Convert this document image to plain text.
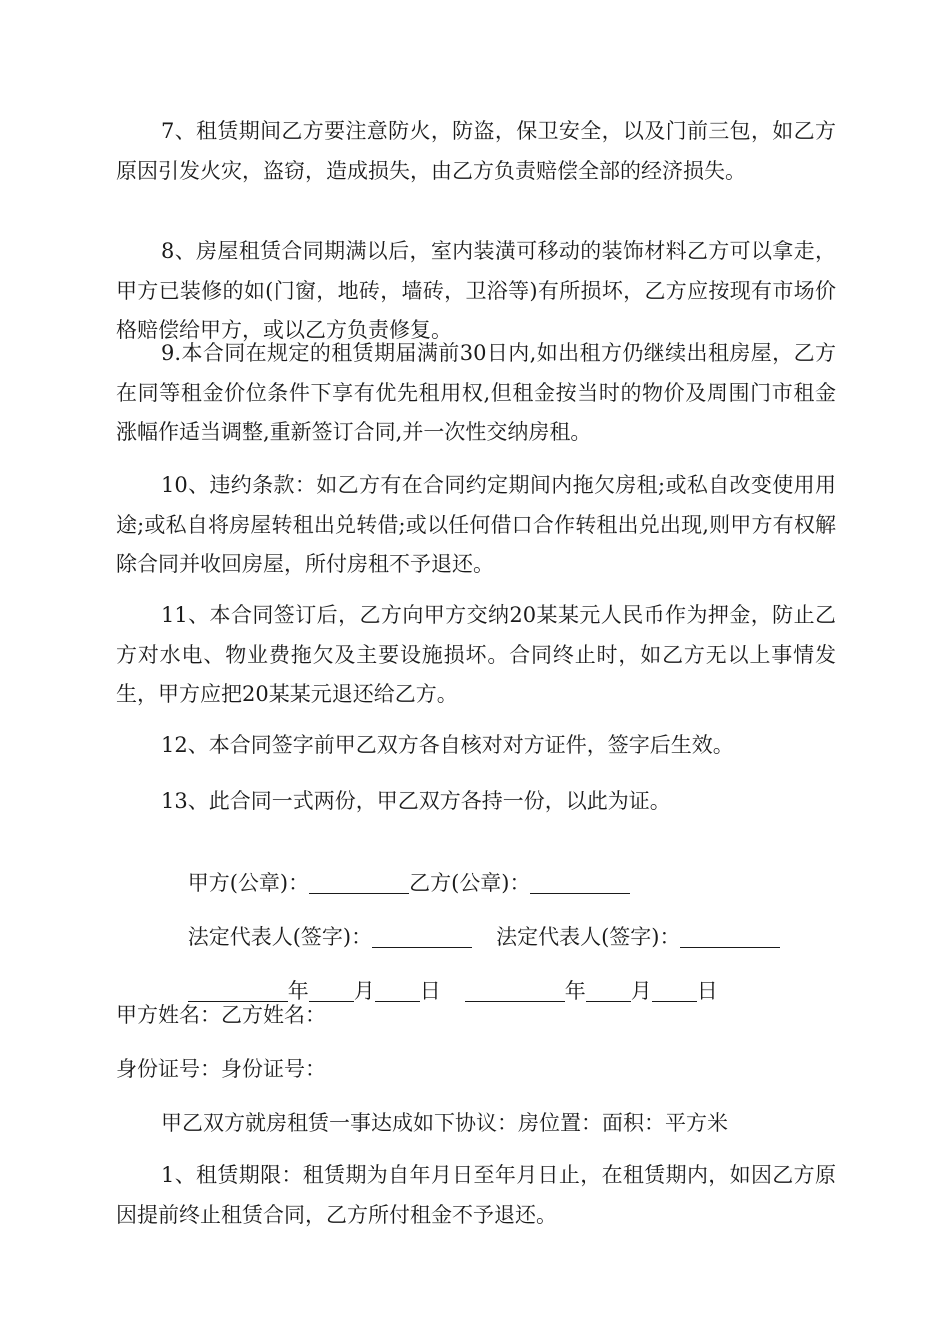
7、租赁期间乙方要注意防火，防盗，保卫安全，以及门前三包，如乙方原因引发火灾，盗窃，造成损失，由乙方负责赔偿全部的经济损失。

8、房屋租赁合同期满以后，室内装潢可移动的装饰材料乙方可以拿走，甲方已装修的如(门窗，地砖，墙砖，卫浴等)有所损坏，乙方应按现有市场价格赔偿给甲方，或以乙方负责修复。

9.本合同在规定的租赁期届满前30日内,如出租方仍继续出租房屋，乙方在同等租金价位条件下享有优先租用权,但租金按当时的物价及周围门市租金涨幅作适当调整,重新签订合同,并一次性交纳房租。

10、违约条款：如乙方有在合同约定期间内拖欠房租;或私自改变使用用途;或私自将房屋转租出兑转借;或以任何借口合作转租出兑出现,则甲方有权解除合同并收回房屋，所付房租不予退还。

11、本合同签订后，乙方向甲方交纳20某某元人民币作为押金，防止乙方对水电、物业费拖欠及主要设施损坏。合同终止时，如乙方无以上事情发生，甲方应把20某某元退还给乙方。

12、本合同签字前甲乙双方各自核对对方证件，签字后生效。

13、此合同一式两份，甲乙双方各持一份，以此为证。

甲方(公章)：	乙方(公章)：

法定代表人(签字)：	法定代表人(签字)：

年 月 日	年 月 日

甲方姓名：乙方姓名：
身份证号：身份证号：
甲乙双方就房租赁一事达成如下协议：房位置：面积：平方米

1、租赁期限：租赁期为自年月日至年月日止，在租赁期内，如因乙方原因提前终止租赁合同，乙方所付租金不予退还。
